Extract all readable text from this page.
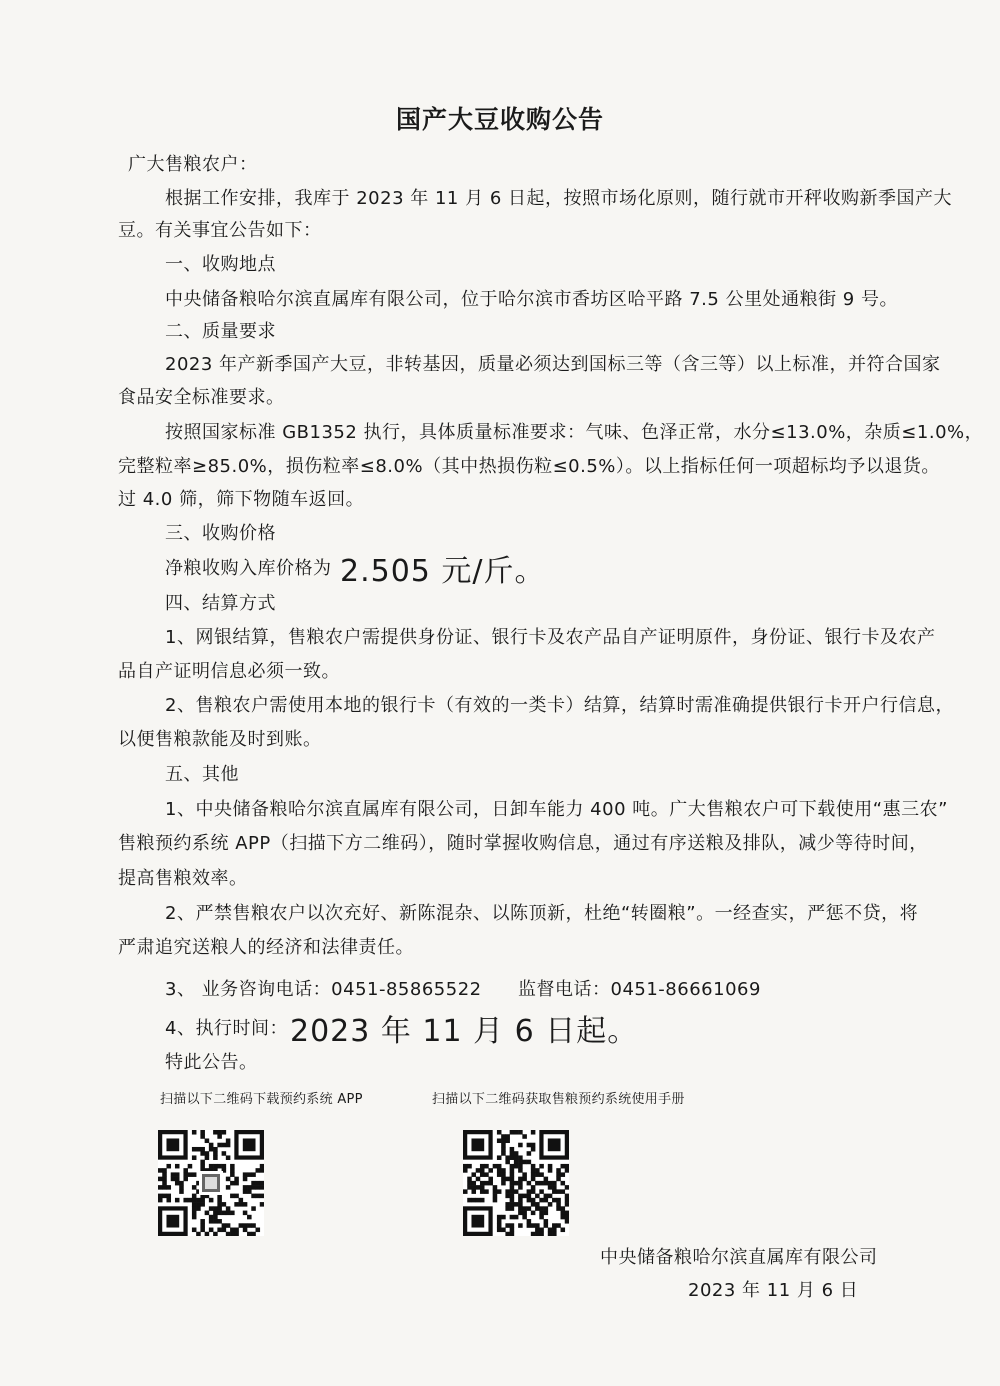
国产大豆收购公告
广大售粮农户：
根据工作安排，我库于 2023 年 11 月 6 日起，按照市场化原则，随行就市开秤收购新季国产大
豆。有关事宜公告如下：
一、收购地点
中央储备粮哈尔滨直属库有限公司，位于哈尔滨市香坊区哈平路 7.5 公里处通粮街 9 号。
二、质量要求
2023 年产新季国产大豆，非转基因，质量必须达到国标三等（含三等）以上标准，并符合国家
食品安全标准要求。
按照国家标准 GB1352 执行，具体质量标准要求：气味、色泽正常，水分≤13.0%，杂质≤1.0%，
完整粒率≥85.0%，损伤粒率≤8.0%（其中热损伤粒≤0.5%）。以上指标任何一项超标均予以退货。
过 4.0 筛，筛下物随车返回。
三、收购价格
净粮收购入库价格为 2.505 元/斤。
四、结算方式
1、网银结算，售粮农户需提供身份证、银行卡及农产品自产证明原件，身份证、银行卡及农产
品自产证明信息必须一致。
2、售粮农户需使用本地的银行卡（有效的一类卡）结算，结算时需准确提供银行卡开户行信息，
以便售粮款能及时到账。
五、其他
1、中央储备粮哈尔滨直属库有限公司，日卸车能力 400 吨。广大售粮农户可下载使用“惠三农”
售粮预约系统 APP（扫描下方二维码），随时掌握收购信息，通过有序送粮及排队，减少等待时间，
提高售粮效率。
2、严禁售粮农户以次充好、新陈混杂、以陈顶新，杜绝“转圈粮”。一经查实，严惩不贷，将
严肃追究送粮人的经济和法律责任。
3、 业务咨询电话：0451-85865522 监督电话：0451-86661069
4、执行时间： 2023 年 11 月 6 日起。
特此公告。
扫描以下二维码下载预约系统 APP	扫描以下二维码获取售粮预约系统使用手册
中央储备粮哈尔滨直属库有限公司
2023 年 11 月 6 日
